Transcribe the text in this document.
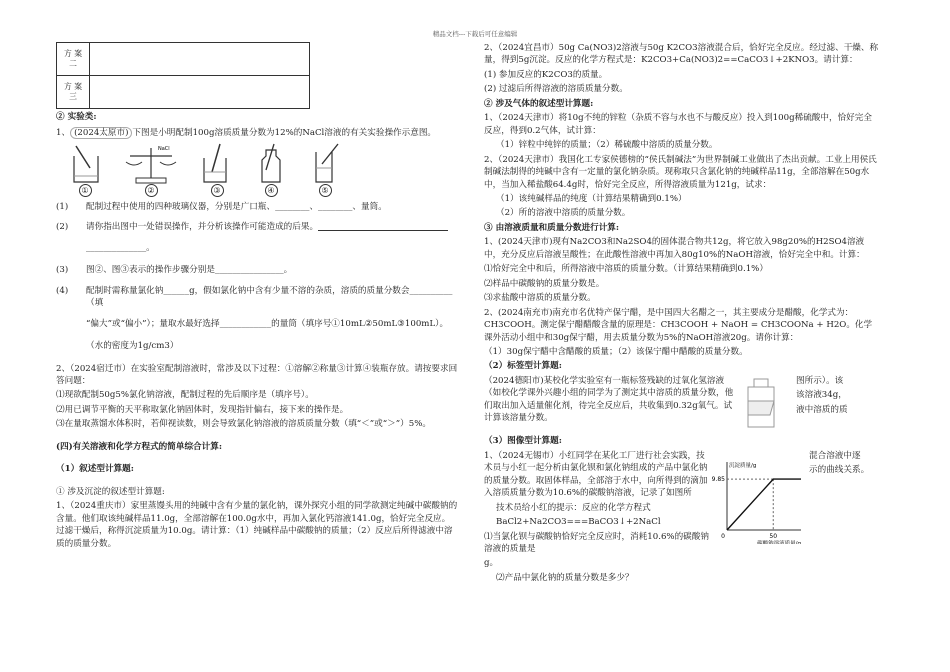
精品文档---下载后可任意编辑
方 案
二	
方 案
三	
② 实验类:
1、 (2024太原市) 下图是小明配制100g溶质质量分数为12%的NaCl溶液的有关实验操作示意图。
①
NaCl
②	③	④	⑤
(1)	配制过程中使用的四种玻璃仪器，分别是广口瓶、________、________、量筒。
(2)	请你指出图中一处错误操作，并分析该操作可能造成的后果。
______________。
(3)	图②、图③表示的操作步骤分别是________________。
(4)	配制时需称量氯化钠______g，假如氯化钠中含有少量不溶的杂质，溶质的质量分数会__________（填
“偏大”或“偏小”）；量取水最好选择____________的量筒（填序号①10mL②50mL③100mL）。
（水的密度为1g/cm3）
2、（2024宿迁市）在实验室配制溶液时，常涉及以下过程：①溶解②称量③计算④装瓶存放。请按要求回答问题：
⑴现欲配制50g5%氯化钠溶液，配制过程的先后顺序是（填序号）。
⑵用已调节平衡的天平称取氯化钠固体时，发现指针偏右，接下来的操作是。
⑶在量取蒸馏水体积时，若仰视读数，则会导致氯化钠溶液的溶质质量分数（填“＜”或“＞”）5%。
(四)有关溶液和化学方程式的简单综合计算:
（1）叙述型计算题:
① 涉及沉淀的叙述型计算题:
1、（2024重庆市）家里蒸馒头用的纯碱中含有少量的氯化钠，课外探究小组的同学欲测定纯碱中碳酸钠的含量。他们取该纯碱样品11.0g，全部溶解在100.0g水中，再加入氯化钙溶液141.0g，恰好完全反应。过滤干燥后，称得沉淀质量为10.0g。请计算：（1）纯碱样品中碳酸钠的质量；（2）反应后所得滤液中溶质的质量分数。
2、（2024宜昌市）50g Ca(NO3)2溶液与50g K2CO3溶液混合后，恰好完全反应。经过滤、干燥、称量，得到5g沉淀。反应的化学方程式是：K2CO3+Ca(NO3)2==CaCO3↓+2KNO3。请计算：
(1) 参加反应的K2CO3的质量。
(2) 过滤后所得溶液的溶质质量分数。
② 涉及气体的叙述型计算题:
1、（2024天津市）将10g不纯的锌粒（杂质不容与水也不与酸反应）投入到100g稀硫酸中，恰好完全反应，得到0.2气体，试计算：
（1）锌粒中纯锌的质量；（2）稀硫酸中溶质的质量分数。
2、（2024天津市）我国化工专家侯德榜的“侯氏制碱法”为世界制碱工业做出了杰出贡献。工业上用侯氏制碱法制得的纯碱中含有一定量的氯化钠杂质。现称取只含氯化钠的纯碱样品11g，全部溶解在50g水中，当加入稀盐酸64.4g时，恰好完全反应，所得溶液质量为121g，试求：
（1）该纯碱样品的纯度（计算结果精确到0.1%）
（2）所的溶液中溶质的质量分数。
③ 由溶液质量和质量分数进行计算:
1、(2024天津市)现有Na2CO3和Na2SO4的固体混合物共12g，将它放入98g20%的H2SO4溶液中，充分反应后溶液呈酸性；在此酸性溶液中再加入80g10%的NaOH溶液，恰好完全中和。计算：
⑴恰好完全中和后，所得溶液中溶质的质量分数。（计算结果精确到0.1%）
⑵样品中碳酸钠的质量分数是。
⑶求盐酸中溶质的质量分数。
2、(2024南充市)南充市名优特产保宁醋，是中国四大名醋之一，其主要成分是醋酸，化学式为：CH3COOH。测定保宁醋醋酸含量的原理是：CH3COOH + NaOH = CH3COONa + H2O。化学课外活动小组中和30g保宁醋，用去质量分数为5%的NaOH溶液20g。请你计算：
（1）30g保宁醋中含醋酸的质量；（2）该保宁醋中醋酸的质量分数。
（2）标签型计算题:
（2024德阳市)某校化学实验室有一瓶标签残缺的过氧化氢溶液（如校化学课外兴趣小组的同学为了测定其中溶质的质量分数，他们取出加入适量催化剂，待完全反应后，共收集到0.32g氧气。试计算该溶量分数。
图所示）。该
该溶液34g，
液中溶质的质
（3）图像型计算题:
1、（2024无锡市）小红同学在某化工厂进行社会实践，技术员与小红一起分析由氯化钡和氯化钠组成的产品中氯化钠的质量分数。取固体样品，全部溶于水中，向所得到的滴加入溶质质量分数为10.6%的碳酸钠溶液，记录了如图所
技术员给小红的提示：反应的化学方程式
BaCl2+Na2CO3===BaCO3↓+2NaCl
⑴当氯化钡与碳酸钠恰好完全反应时，消耗10.6%的碳酸钠溶液的质量是
g。
⑵产品中氯化钠的质量分数是多少？
0
沉淀质量/g
碳酸钠溶液质量/g
9.85
50
混合溶液中逐
示的曲线关系。
